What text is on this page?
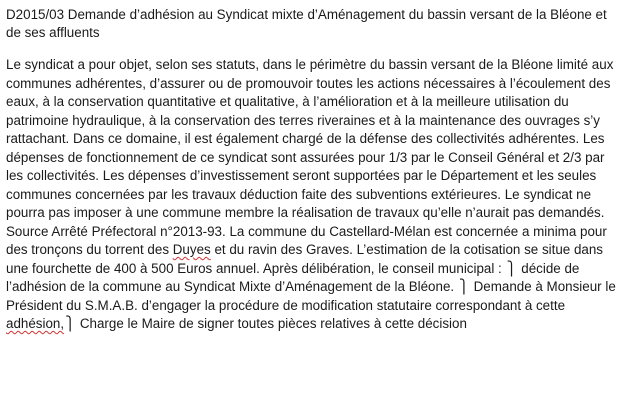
D2015/03 Demande d’adhésion au Syndicat mixte d’Aménagement du bassin versant de la Bléone et de ses affluents

Le syndicat a pour objet, selon ses statuts, dans le périmètre du bassin versant de la Bléone limité aux communes adhérentes, d’assurer ou de promouvoir toutes les actions nécessaires à l’écoulement des eaux, à la conservation quantitative et qualitative, à l’amélioration et à la meilleure utilisation du patrimoine hydraulique, à la conservation des terres riveraines et à la maintenance des ouvrages s’y rattachant. Dans ce domaine, il est également chargé de la défense des collectivités adhérentes. Les dépenses de fonctionnement de ce syndicat sont assurées pour 1/3 par le Conseil Général et 2/3 par les collectivités. Les dépenses d’investissement seront supportées par le Département et les seules communes concernées par les travaux déduction faite des subventions extérieures. Le syndicat ne pourra pas imposer à une commune membre la réalisation de travaux qu’elle n’aurait pas demandés. Source Arrêté Préfectoral n°2013-93. La commune du Castellard-Mélan est concernée a minima pour des tronçons du torrent des Duyes et du ravin des Graves. L’estimation de la cotisation se situe dans une fourchette de 400 à 500 Euros annuel. Après délibération, le conseil municipal : ⎫ décide de l’adhésion de la commune au Syndicat Mixte d’Aménagement de la Bléone. ⎫ Demande à Monsieur le Président du S.M.A.B. d’engager la procédure de modification statutaire correspondant à cette adhésion,⎫ Charge le Maire de signer toutes pièces relatives à cette décision
